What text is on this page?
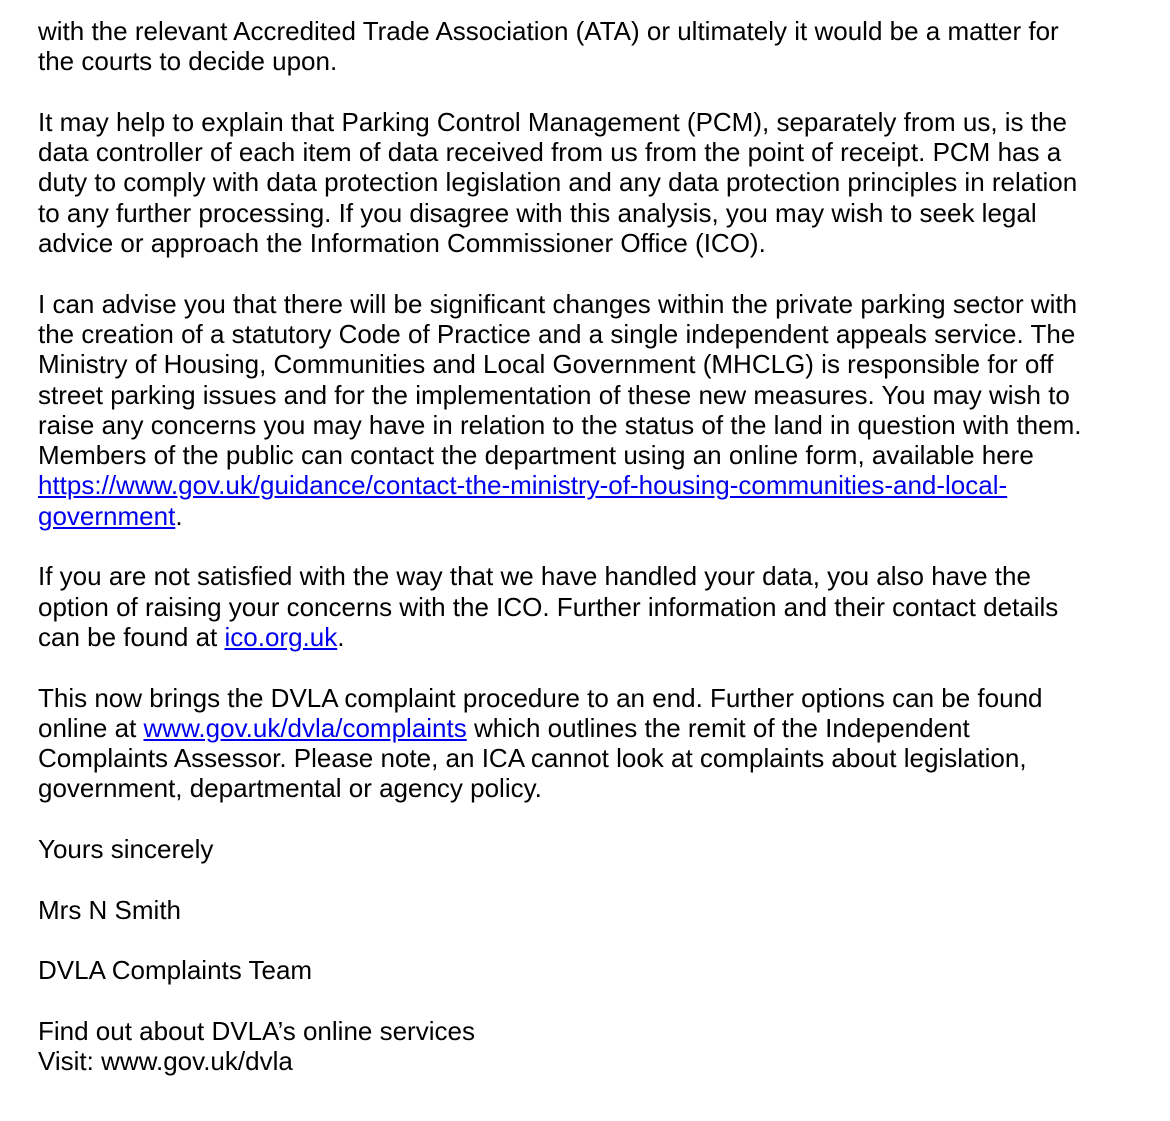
with the relevant Accredited Trade Association (ATA) or ultimately it would be a matter for the courts to decide upon.

It may help to explain that Parking Control Management (PCM), separately from us, is the data controller of each item of data received from us from the point of receipt. PCM has a duty to comply with data protection legislation and any data protection principles in relation to any further processing. If you disagree with this analysis, you may wish to seek legal advice or approach the Information Commissioner Office (ICO).

I can advise you that there will be significant changes within the private parking sector with the creation of a statutory Code of Practice and a single independent appeals service. The Ministry of Housing, Communities and Local Government (MHCLG) is responsible for off street parking issues and for the implementation of these new measures. You may wish to raise any concerns you may have in relation to the status of the land in question with them. Members of the public can contact the department using an online form, available here https://www.gov.uk/guidance/contact-the-ministry-of-housing-communities-and-local-government.

If you are not satisfied with the way that we have handled your data, you also have the option of raising your concerns with the ICO. Further information and their contact details can be found at ico.org.uk.

This now brings the DVLA complaint procedure to an end. Further options can be found online at www.gov.uk/dvla/complaints which outlines the remit of the Independent Complaints Assessor. Please note, an ICA cannot look at complaints about legislation, government, departmental or agency policy.

Yours sincerely

Mrs N Smith

DVLA Complaints Team

Find out about DVLA’s online services
Visit: www.gov.uk/dvla
